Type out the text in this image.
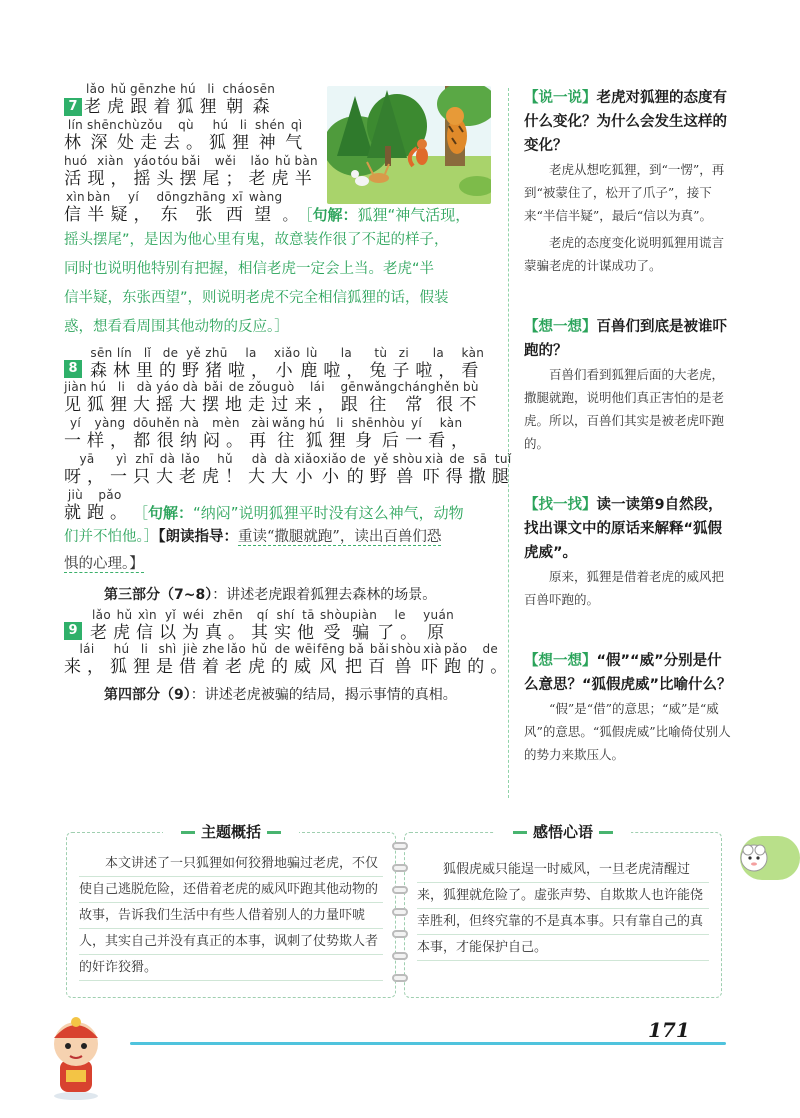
7
lǎo
老
hǔ
虎
gēn
跟
zhe
着
hú
狐
li
狸
cháo
朝
sēn
森
lín
林
shēn
深
chù
处
zǒu
走
qù
去。
hú
狐
li
狸
shén
神
qì
气
huó
活
xiàn
现，
yáo
摇
tóu
头
bǎi
摆
wěi
尾；
lǎo
老
hǔ
虎
bàn
半
xìn
信
bàn
半
yí
疑，
dōng
东
zhāng
张
xī
西
wàng
望 。 ［句解：狐狸“神气活现，
摇头摆尾”，是因为他心里有鬼，故意装作很了不起的样子，
同时也说明他特别有把握，相信老虎一定会上当。老虎“半
信半疑，东张西望”，则说明老虎不完全相信狐狸的话，假装
惑，想看看周围其他动物的反应。］
sēn
森
lín
林
lǐ
里
de
的
yě
野
zhū
猪
la
啦，
xiǎo
小
lù
鹿
la
啦，
tù
兔
zi
子
la
啦，
kàn
看
8
jiàn
见
hú
狐
li
狸
dà
大
yáo
摇
dà
大
bǎi
摆
de
地
zǒu
走
guò
过
lái
来，
gēn
跟
wǎng
往
cháng
常
hěn
很
bù
不
yí
一
yàng
样，
dōu
都
hěn
很
nà
纳
mèn
闷。
zài
再
wǎng
往
hú
狐
li
狸
shēn
身
hòu
后
yí
一
kàn
看，
yā
呀，
yì
一
zhī
只
dà
大
lǎo
老
hǔ
虎！
dà
大
dà
大
xiǎo
小
xiǎo
小
de
的
yě
野
shòu
兽
xià
吓
de
得
sā
撒
tuǐ
腿
jiù
就
pǎo
跑。 ［句解：“纳闷”说明狐狸平时没有这么神气，动物
们并不怕他。］【朗读指导：重读“撒腿就跑”，读出百兽们恐
惧的心理。】
第三部分（7~8）：讲述老虎跟着狐狸去森林的场景。
lǎo
老
hǔ
虎
xìn
信
yǐ
以
wéi
为
zhēn
真。
qí
其
shí
实
tā
他
shòu
受
piàn
骗
le
了。
yuán
原
9
lái
来，
hú
狐
li
狸
shì
是
jiè
借
zhe
着
lǎo
老
hǔ
虎
de
的
wēi
威
fēng
风
bǎ
把
bǎi
百
shòu
兽
xià
吓
pǎo
跑
de
的。
第四部分（9）：讲述老虎被骗的结局，揭示事情的真相。
【说一说】老虎对狐狸的态度有什么变化？为什么会发生这样的变化？
老虎从想吃狐狸，到“一愣”，再到“被蒙住了，松开了爪子”，接下来“半信半疑”，最后“信以为真”。
老虎的态度变化说明狐狸用谎言蒙骗老虎的计谋成功了。
【想一想】百兽们到底是被谁吓跑的？
百兽们看到狐狸后面的大老虎，撒腿就跑，说明他们真正害怕的是老虎。所以，百兽们其实是被老虎吓跑的。
【找一找】读一读第9自然段，找出课文中的原话来解释“狐假虎威”。
原来，狐狸是借着老虎的威风把百兽吓跑的。
【想一想】“假”“威”分别是什么意思？“狐假虎威”比喻什么？
“假”是“借”的意思；“威”是“威风”的意思。“狐假虎威”比喻倚仗别人的势力来欺压人。
主题概括
本文讲述了一只狐狸如何狡猾地骗过老虎，不仅使自己逃脱危险，还借着老虎的威风吓跑其他动物的故事，告诉我们生活中有些人借着别人的力量吓唬人，其实自己并没有真正的本事，讽刺了仗势欺人者的奸诈狡猾。
感悟心语
狐假虎威只能逞一时威风，一旦老虎清醒过来，狐狸就危险了。虚张声势、自欺欺人也许能侥幸胜利，但终究靠的不是真本事。只有靠自己的真本事，才能保护自己。
171
